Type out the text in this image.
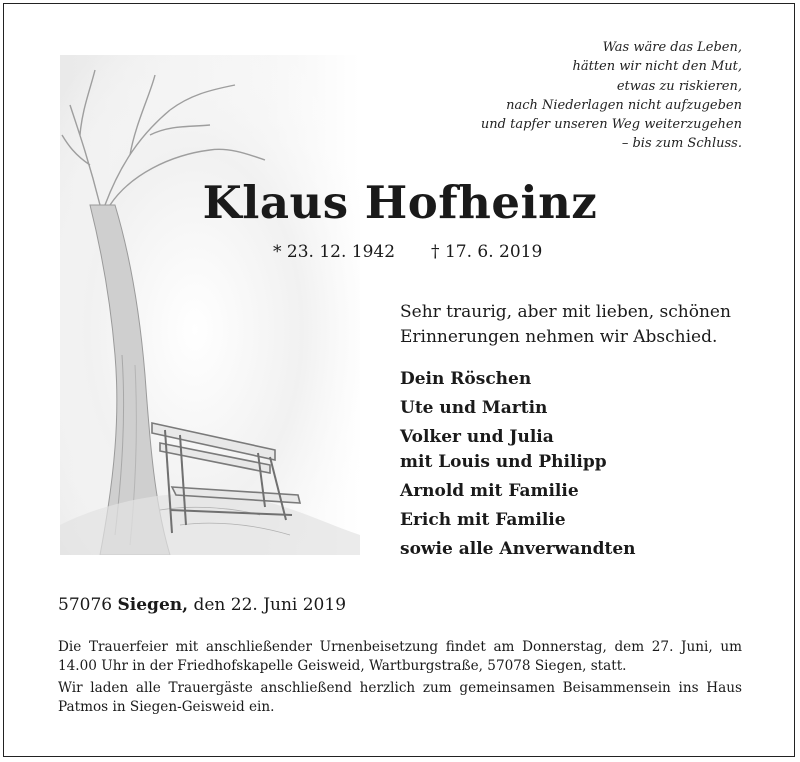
Was wäre das Leben,
hätten wir nicht den Mut,
etwas zu riskieren,
nach Niederlagen nicht aufzugeben
und tapfer unseren Weg weiterzugehen
– bis zum Schluss.
Klaus Hofheinz
* 23. 12. 1942 † 17. 6. 2019
Sehr traurig, aber mit lieben, schönen
Erinnerungen nehmen wir Abschied.
Dein Röschen
Ute und Martin
Volker und Julia
mit Louis und Philipp
Arnold mit Familie
Erich mit Familie
sowie alle Anverwandten
57076 Siegen, den 22. Juni 2019

Die Trauerfeier mit anschließender Urnenbeisetzung findet am Donnerstag, dem 27. Juni, um 14.00 Uhr in der Friedhofskapelle Geisweid, Wartburgstraße, 57078 Siegen, statt.

Wir laden alle Trauergäste anschließend herzlich zum gemeinsamen Beisammensein ins Haus Patmos in Siegen-Geisweid ein.
